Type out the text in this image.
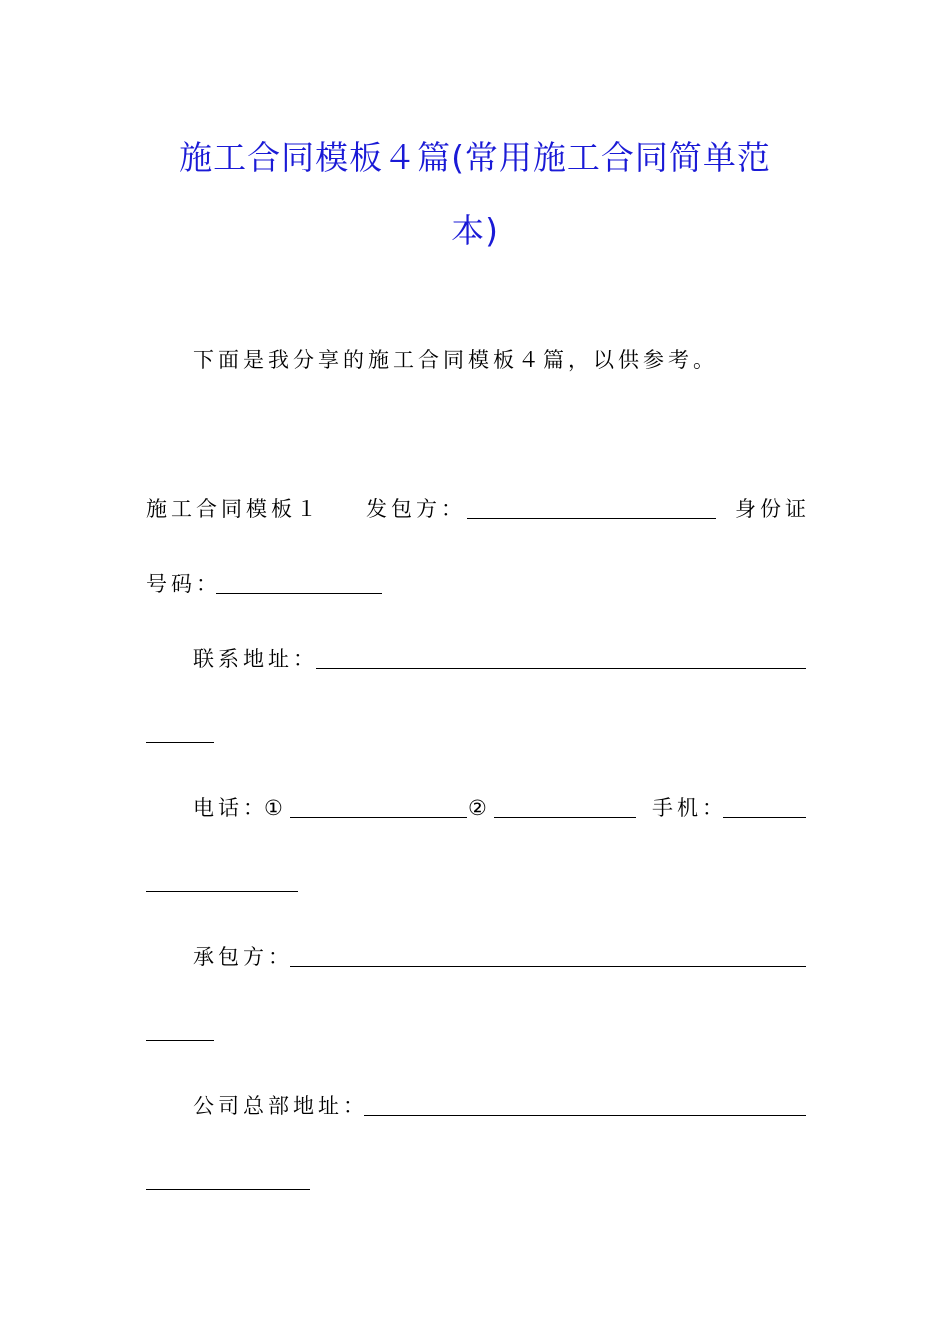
施工合同模板４篇(常用施工合同简单范
本)
下面是我分享的施工合同模板４篇，以供参考。
施工合同模板１ 发包方：	身份证
号码：
联系地址：
电话：
①	②	手机：
承包方：
公司总部地址：
